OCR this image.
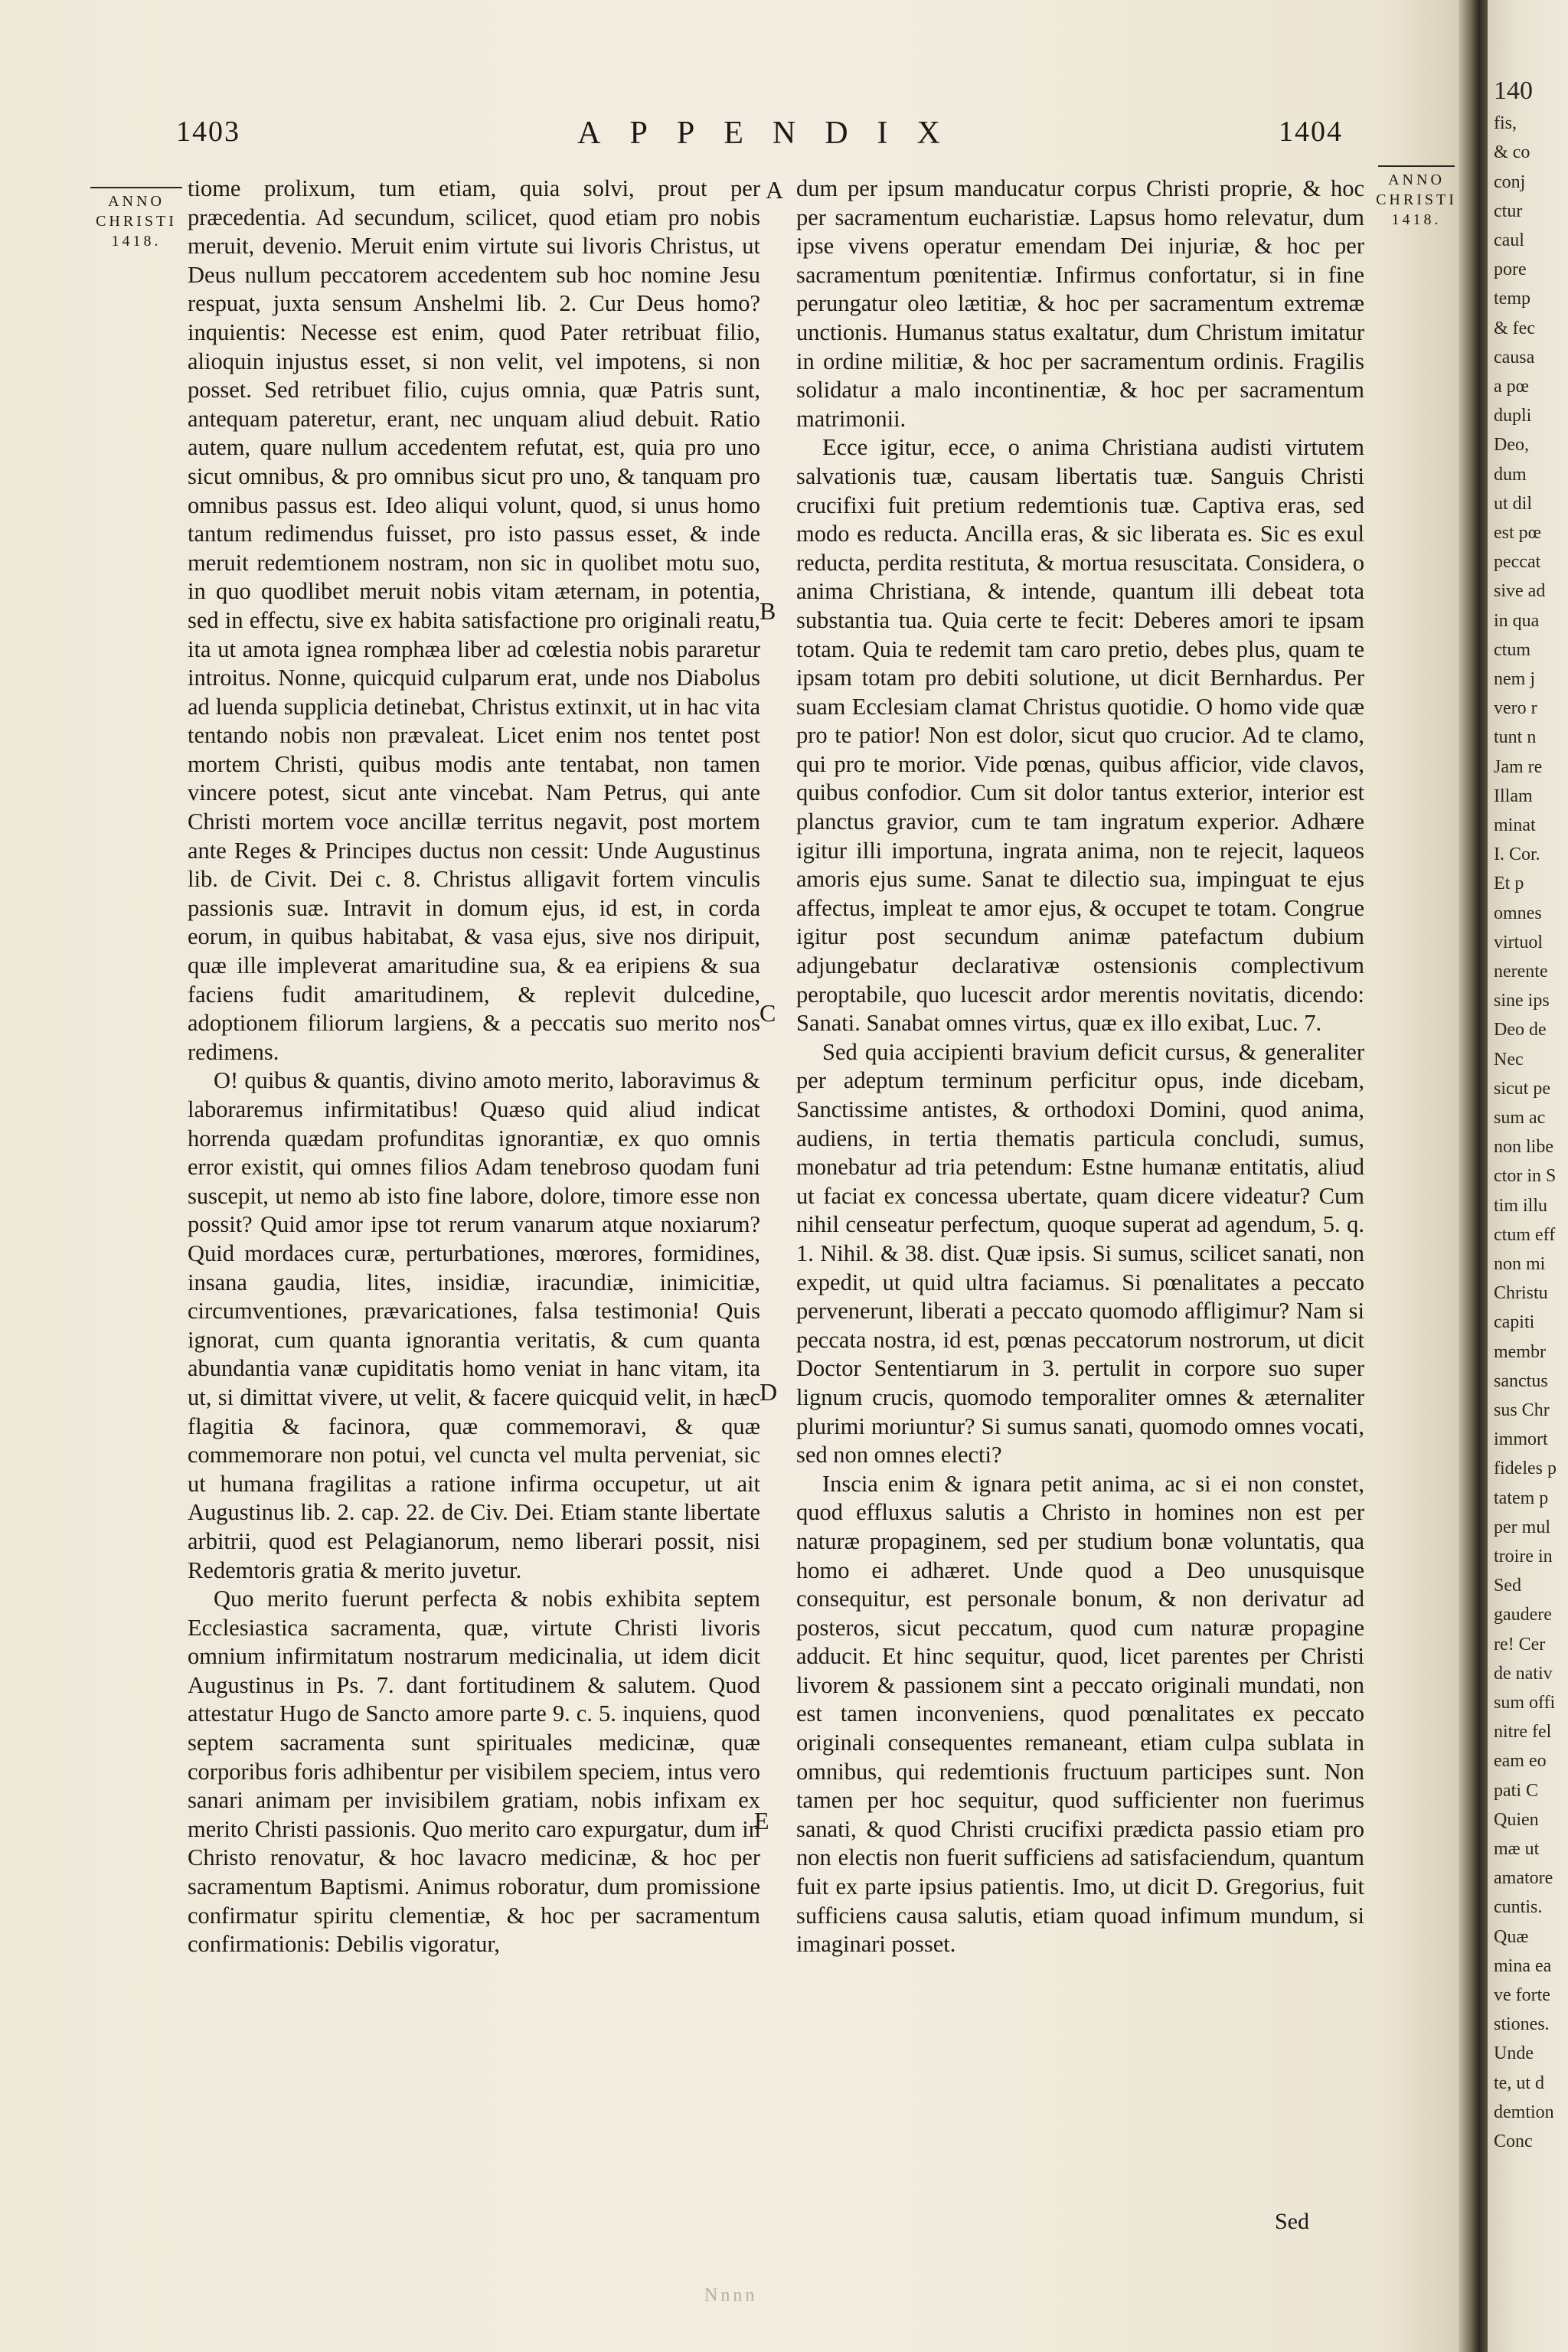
1403	APPENDIX	1404
ANNO
CHRISTI
1418.
ANNO
CHRISTI
1418.

tiome prolixum, tum etiam, quia solvi, prout per præcedentia. Ad secundum, scilicet, quod etiam pro nobis meruit, devenio. Meruit enim virtute sui livoris Christus, ut Deus nullum peccatorem accedentem sub hoc nomine Jesu respuat, juxta sensum Anshelmi lib. 2. Cur Deus homo? inquientis: Necesse est enim, quod Pater retribuat filio, alioquin injustus esset, si non velit, vel impotens, si non posset. Sed retribuet filio, cujus omnia, quæ Patris sunt, antequam pateretur, erant, nec unquam aliud debuit. Ratio autem, quare nullum accedentem refutat, est, quia pro uno sicut omnibus, & pro omnibus sicut pro uno, & tanquam pro omnibus passus est. Ideo aliqui volunt, quod, si unus homo tantum redimendus fuisset, pro isto passus esset, & inde meruit redemtionem nostram, non sic in quolibet motu suo, in quo quodlibet meruit nobis vitam æternam, in potentia, sed in effectu, sive ex habita satisfactione pro originali reatu, ita ut amota ignea romphæa liber ad cœlestia nobis pararetur introitus. Nonne, quicquid culparum erat, unde nos Diabolus ad luenda supplicia detinebat, Christus extinxit, ut in hac vita tentando nobis non prævaleat. Licet enim nos tentet post mortem Christi, quibus modis ante tentabat, non tamen vincere potest, sicut ante vincebat. Nam Petrus, qui ante Christi mortem voce ancillæ territus negavit, post mortem ante Reges & Principes ductus non cessit: Unde Augustinus lib. de Civit. Dei c. 8. Christus alligavit fortem vinculis passionis suæ. Intravit in domum ejus, id est, in corda eorum, in quibus habitabat, & vasa ejus, sive nos diripuit, quæ ille impleverat amaritudine sua, & ea eripiens & sua faciens fudit amaritudinem, & replevit dulcedine, adoptionem filiorum largiens, & a peccatis suo merito nos redimens.

O! quibus & quantis, divino amoto merito, laboravimus & laboraremus infirmitatibus! Quæso quid aliud indicat horrenda quædam profunditas ignorantiæ, ex quo omnis error existit, qui omnes filios Adam tenebroso quodam funi suscepit, ut nemo ab isto fine labore, dolore, timore esse non possit? Quid amor ipse tot rerum vanarum atque noxiarum? Quid mordaces curæ, perturbationes, mœrores, formidines, insana gaudia, lites, insidiæ, iracundiæ, inimicitiæ, circumventiones, prævaricationes, falsa testimonia! Quis ignorat, cum quanta ignorantia veritatis, & cum quanta abundantia vanæ cupiditatis homo veniat in hanc vitam, ita ut, si dimittat vivere, ut velit, & facere quicquid velit, in hæc flagitia & facinora, quæ commemoravi, & quæ commemorare non potui, vel cuncta vel multa perveniat, sic ut humana fragilitas a ratione infirma occupetur, ut ait Augustinus lib. 2. cap. 22. de Civ. Dei. Etiam stante libertate arbitrii, quod est Pelagianorum, nemo liberari possit, nisi Redemtoris gratia & merito juvetur.

Quo merito fuerunt perfecta & nobis exhibita septem Ecclesiastica sacramenta, quæ, virtute Christi livoris omnium infirmitatum nostrarum medicinalia, ut idem dicit Augustinus in Ps. 7. dant fortitudinem & salutem. Quod attestatur Hugo de Sancto amore parte 9. c. 5. inquiens, quod septem sacramenta sunt spirituales medicinæ, quæ corporibus foris adhibentur per visibilem speciem, intus vero sanari animam per invisibilem gratiam, nobis infixam ex merito Christi passionis. Quo merito caro expurgatur, dum in Christo renovatur, & hoc lavacro medicinæ, & hoc per sacramentum Baptismi. Animus roboratur, dum promissione confirmatur spiritu clementiæ, & hoc per sacramentum confirmationis: Debilis vigoratur,

A
B
C
D
E

dum per ipsum manducatur corpus Christi proprie, & hoc per sacramentum eucharistiæ. Lapsus homo relevatur, dum ipse vivens operatur emendam Dei injuriæ, & hoc per sacramentum pœnitentiæ. Infirmus confortatur, si in fine perungatur oleo lætitiæ, & hoc per sacramentum extremæ unctionis. Humanus status exaltatur, dum Christum imitatur in ordine militiæ, & hoc per sacramentum ordinis. Fragilis solidatur a malo incontinentiæ, & hoc per sacramentum matrimonii.

Ecce igitur, ecce, o anima Christiana audisti virtutem salvationis tuæ, causam libertatis tuæ. Sanguis Christi crucifixi fuit pretium redemtionis tuæ. Captiva eras, sed modo es reducta. Ancilla eras, & sic liberata es. Sic es exul reducta, perdita restituta, & mortua resuscitata. Considera, o anima Christiana, & intende, quantum illi debeat tota substantia tua. Quia certe te fecit: Deberes amori te ipsam totam. Quia te redemit tam caro pretio, debes plus, quam te ipsam totam pro debiti solutione, ut dicit Bernhardus. Per suam Ecclesiam clamat Christus quotidie. O homo vide quæ pro te patior! Non est dolor, sicut quo crucior. Ad te clamo, qui pro te morior. Vide pœnas, quibus afficior, vide clavos, quibus confodior. Cum sit dolor tantus exterior, interior est planctus gravior, cum te tam ingratum experior. Adhære igitur illi importuna, ingrata anima, non te rejecit, laqueos amoris ejus sume. Sanat te dilectio sua, impinguat te ejus affectus, impleat te amor ejus, & occupet te totam. Congrue igitur post secundum animæ patefactum dubium adjungebatur declarativæ ostensionis complectivum peroptabile, quo lucescit ardor merentis novitatis, dicendo: Sanati. Sanabat omnes virtus, quæ ex illo exibat, Luc. 7.

Sed quia accipienti bravium deficit cursus, & generaliter per adeptum terminum perficitur opus, inde dicebam, Sanctissime antistes, & orthodoxi Domini, quod anima, audiens, in tertia thematis particula concludi, sumus, monebatur ad tria petendum: Estne humanæ entitatis, aliud ut faciat ex concessa ubertate, quam dicere videatur? Cum nihil censeatur perfectum, quoque superat ad agendum, 5. q. 1. Nihil. & 38. dist. Quæ ipsis. Si sumus, scilicet sanati, non expedit, ut quid ultra faciamus. Si pœnalitates a peccato pervenerunt, liberati a peccato quomodo affligimur? Nam si peccata nostra, id est, pœnas peccatorum nostrorum, ut dicit Doctor Sententiarum in 3. pertulit in corpore suo super lignum crucis, quomodo temporaliter omnes & æternaliter plurimi moriuntur? Si sumus sanati, quomodo omnes vocati, sed non omnes electi?

Inscia enim & ignara petit anima, ac si ei non constet, quod effluxus salutis a Christo in homines non est per naturæ propaginem, sed per studium bonæ voluntatis, qua homo ei adhæret. Unde quod a Deo unusquisque consequitur, est personale bonum, & non derivatur ad posteros, sicut peccatum, quod cum naturæ propagine adducit. Et hinc sequitur, quod, licet parentes per Christi livorem & passionem sint a peccato originali mundati, non est tamen inconveniens, quod pœnalitates ex peccato originali consequentes remaneant, etiam culpa sublata in omnibus, qui redemtionis fructuum participes sunt. Non tamen per hoc sequitur, quod sufficienter non fuerimus sanati, & quod Christi crucifixi prædicta passio etiam pro non electis non fuerit sufficiens ad satisfaciendum, quantum fuit ex parte ipsius patientis. Imo, ut dicit D. Gregorius, fuit sufficiens causa salutis, etiam quoad infimum mundum, si imaginari posset.

Sed
Nnnn
140
fis,
& co
conj
ctur
caul
pore
temp
& fec
causa
a pœ
dupli
Deo,
dum
ut dil
est pœ
peccat
sive ad
in qua
ctum
nem j
vero r
tunt n
Jam re
Illam
minat
I. Cor.
Et p
omnes
virtuol
nerente
sine ips
Deo de
Nec
sicut pe
sum ac
non libe
ctor in S
tim illu
ctum eff
non mi
Christu
capiti
membr
sanctus
sus Chr
immort
fideles p
tatem p
per mul
troire in
Sed
gaudere
re! Cer
de nativ
sum offi
nitre fel
eam eo
pati C
Quien
mæ ut
amatore
cuntis.
Quæ
mina ea
ve forte
stiones.
Unde
te, ut d
demtion
Conc
